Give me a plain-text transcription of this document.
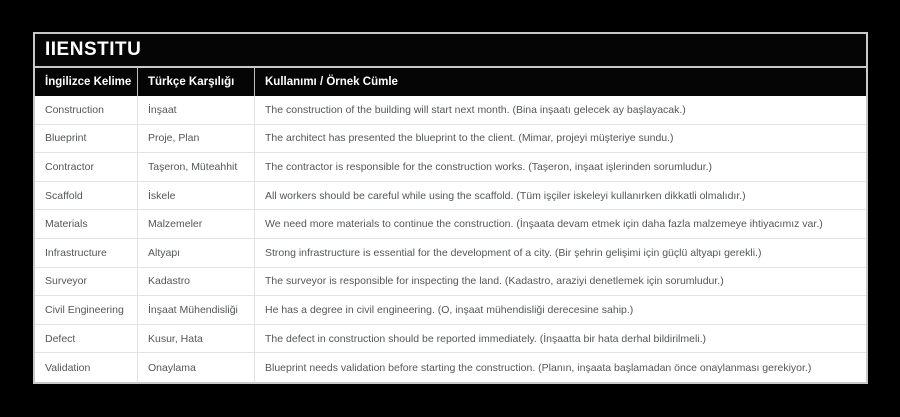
IIENSTITU
İngilizce Kelime	Türkçe Karşılığı	Kullanımı / Örnek Cümle
Construction	İnşaat	The construction of the building will start next month. (Bina inşaatı gelecek ay başlayacak.)
Blueprint	Proje, Plan	The architect has presented the blueprint to the client. (Mimar, projeyi müşteriye sundu.)
Contractor	Taşeron, Müteahhit	The contractor is responsible for the construction works. (Taşeron, inşaat işlerinden sorumludur.)
Scaffold	İskele	All workers should be careful while using the scaffold. (Tüm işçiler iskeleyi kullanırken dikkatli olmalıdır.)
Materials	Malzemeler	We need more materials to continue the construction. (İnşaata devam etmek için daha fazla malzemeye ihtiyacımız var.)
Infrastructure	Altyapı	Strong infrastructure is essential for the development of a city. (Bir şehrin gelişimi için güçlü altyapı gerekli.)
Surveyor	Kadastro	The surveyor is responsible for inspecting the land. (Kadastro, araziyi denetlemek için sorumludur.)
Civil Engineering	İnşaat Mühendisliği	He has a degree in civil engineering. (O, inşaat mühendisliği derecesine sahip.)
Defect	Kusur, Hata	The defect in construction should be reported immediately. (İnşaatta bir hata derhal bildirilmeli.)
Validation	Onaylama	Blueprint needs validation before starting the construction. (Planın, inşaata başlamadan önce onaylanması gerekiyor.)
